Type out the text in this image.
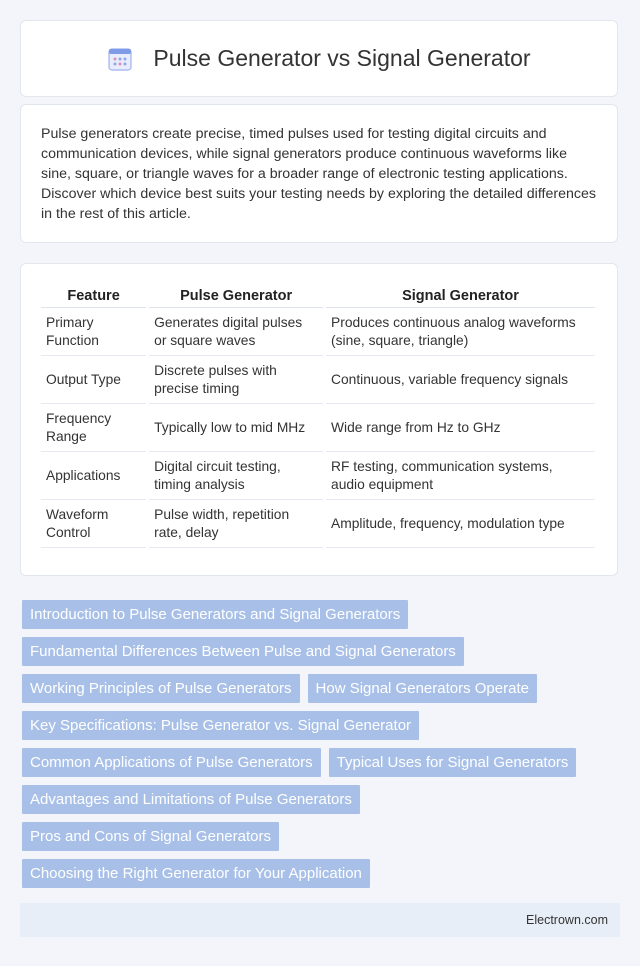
Pulse Generator vs Signal Generator

Pulse generators create precise, timed pulses used for testing digital circuits and communication devices, while signal generators produce continuous waveforms like sine, square, or triangle waves for a broader range of electronic testing applications. Discover which device best suits your testing needs by exploring the detailed differences in the rest of this article.

Feature	Pulse Generator	Signal Generator
Primary Function	Generates digital pulses or square waves	Produces continuous analog waveforms (sine, square, triangle)
Output Type	Discrete pulses with precise timing	Continuous, variable frequency signals
Frequency Range	Typically low to mid MHz	Wide range from Hz to GHz
Applications	Digital circuit testing, timing analysis	RF testing, communication systems, audio equipment
Waveform Control	Pulse width, repetition rate, delay	Amplitude, frequency, modulation type
Introduction to Pulse Generators and Signal Generators
Fundamental Differences Between Pulse and Signal Generators
Working Principles of Pulse Generators	How Signal Generators Operate
Key Specifications: Pulse Generator vs. Signal Generator
Common Applications of Pulse Generators	Typical Uses for Signal Generators
Advantages and Limitations of Pulse Generators
Pros and Cons of Signal Generators
Choosing the Right Generator for Your Application
Electrown.com
